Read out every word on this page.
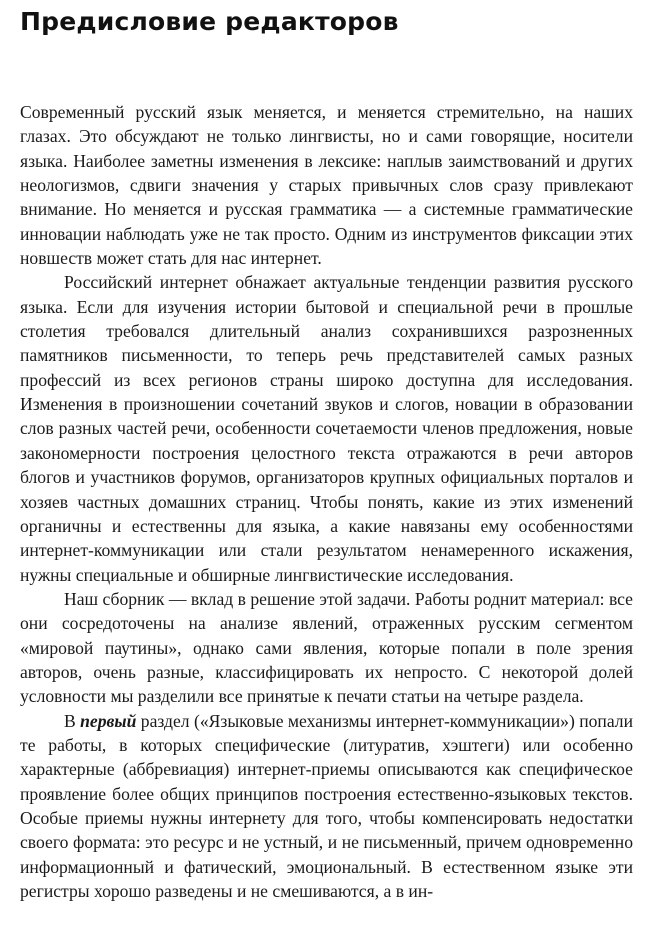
Предисловие редакторов

Современный русский язык меняется, и меняется стремительно, на наших глазах. Это обсуждают не только лингвисты, но и сами говорящие, носители языка. Наиболее заметны изменения в лексике: наплыв заимствований и других неологизмов, сдвиги значения у старых привычных слов сразу привлекают внимание. Но меняется и русская грамматика — а системные грамматические инновации наблюдать уже не так просто. Одним из инструментов фиксации этих новшеств может стать для нас интернет.

Российский интернет обнажает актуальные тенденции развития русского языка. Если для изучения истории бытовой и специальной речи в прошлые столетия требовался длительный анализ сохранившихся разрозненных памятников письменности, то теперь речь представителей самых разных профессий из всех регионов страны широко доступна для исследования. Изменения в произношении сочетаний звуков и слогов, новации в образовании слов разных частей речи, особенности сочетаемости членов предложения, новые закономерности построения целостного текста отражаются в речи авторов блогов и участников форумов, организаторов крупных официальных порталов и хозяев частных домашних страниц. Чтобы понять, какие из этих изменений органичны и естественны для языка, а какие навязаны ему особенностями интернет-коммуникации или стали результатом ненамеренного искажения, нужны специальные и обширные лингвистические исследования.

Наш сборник — вклад в решение этой задачи. Работы роднит материал: все они сосредоточены на анализе явлений, отраженных русским сегментом «мировой паутины», однако сами явления, которые попали в поле зрения авторов, очень разные, классифицировать их непросто. С некоторой долей условности мы разделили все принятые к печати статьи на четыре раздела.

В первый раздел («Языковые механизмы интернет-коммуникации») попали те работы, в которых специфические (литуратив, хэштеги) или особенно характерные (аббревиация) интернет-приемы описываются как специфическое проявление более общих принципов построения естественно-языковых текстов. Особые приемы нужны интернету для того, чтобы компенсировать недостатки своего формата: это ресурс и не устный, и не письменный, причем одновременно информационный и фатический, эмоциональный. В естественном языке эти регистры хорошо разведены и не смешиваются, а в ин-
